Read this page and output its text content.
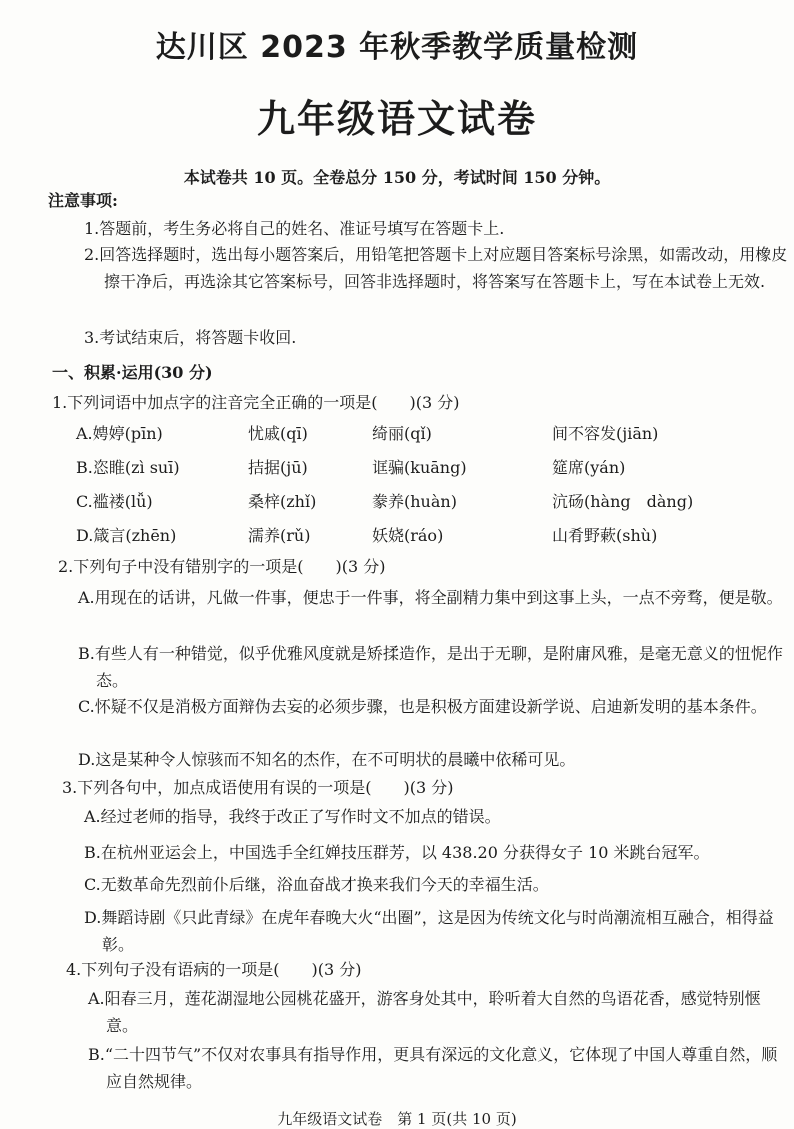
达川区 2023 年秋季教学质量检测
九年级语文试卷
本试卷共 10 页。全卷总分 150 分，考试时间 150 分钟。
注意事项:
1.答题前，考生务必将自己的姓名、准证号填写在答题卡上.
2.回答选择题时，选出每小题答案后，用铅笔把答题卡上对应题目答案标号涂黑，如需改动，用橡皮擦干净后，再选涂其它答案标号，回答非选择题时，将答案写在答题卡上，写在本试卷上无效.
3.考试结束后，将答题卡收回.
一、积累·运用(30 分)
1.下列词语中加点字的注音完全正确的一项是(　　)(3 分)
A.娉婷(pīn)	忧戚(qī)	绮丽(qǐ)	间不容发(jiān)
B.恣睢(zì suī)	拮据(jū)	诓骗(kuāng)	筵席(yán)
C.褴褛(lǚ)	桑梓(zhǐ)	豢养(huàn)	沆砀(hàng　dàng)
D.箴言(zhēn)	濡养(rǔ)	妖娆(ráo)	山肴野蔌(shù)
2.下列句子中没有错别字的一项是(　　)(3 分)
A.用现在的话讲，凡做一件事，便忠于一件事，将全副精力集中到这事上头，一点不旁骛，便是敬。
B.有些人有一种错觉，似乎优雅风度就是矫揉造作，是出于无聊，是附庸风雅，是毫无意义的忸怩作态。
C.怀疑不仅是消极方面辩伪去妄的必须步骤，也是积极方面建设新学说、启迪新发明的基本条件。
D.这是某种令人惊骇而不知名的杰作，在不可明状的晨曦中依稀可见。
3.下列各句中，加点成语使用有误的一项是(　　)(3 分)
A.经过老师的指导，我终于改正了写作时文不加点的错误。
B.在杭州亚运会上，中国选手全红婵技压群芳，以 438.20 分获得女子 10 米跳台冠军。
C.无数革命先烈前仆后继，浴血奋战才换来我们今天的幸福生活。
D.舞蹈诗剧《只此青绿》在虎年春晚大火“出圈”，这是因为传统文化与时尚潮流相互融合，相得益彰。
4.下列句子没有语病的一项是(　　)(3 分)
A.阳春三月，莲花湖湿地公园桃花盛开，游客身处其中，聆听着大自然的鸟语花香，感觉特别惬意。
B.“二十四节气”不仅对农事具有指导作用，更具有深远的文化意义，它体现了中国人尊重自然，顺应自然规律。
九年级语文试卷　第 1 页(共 10 页)
